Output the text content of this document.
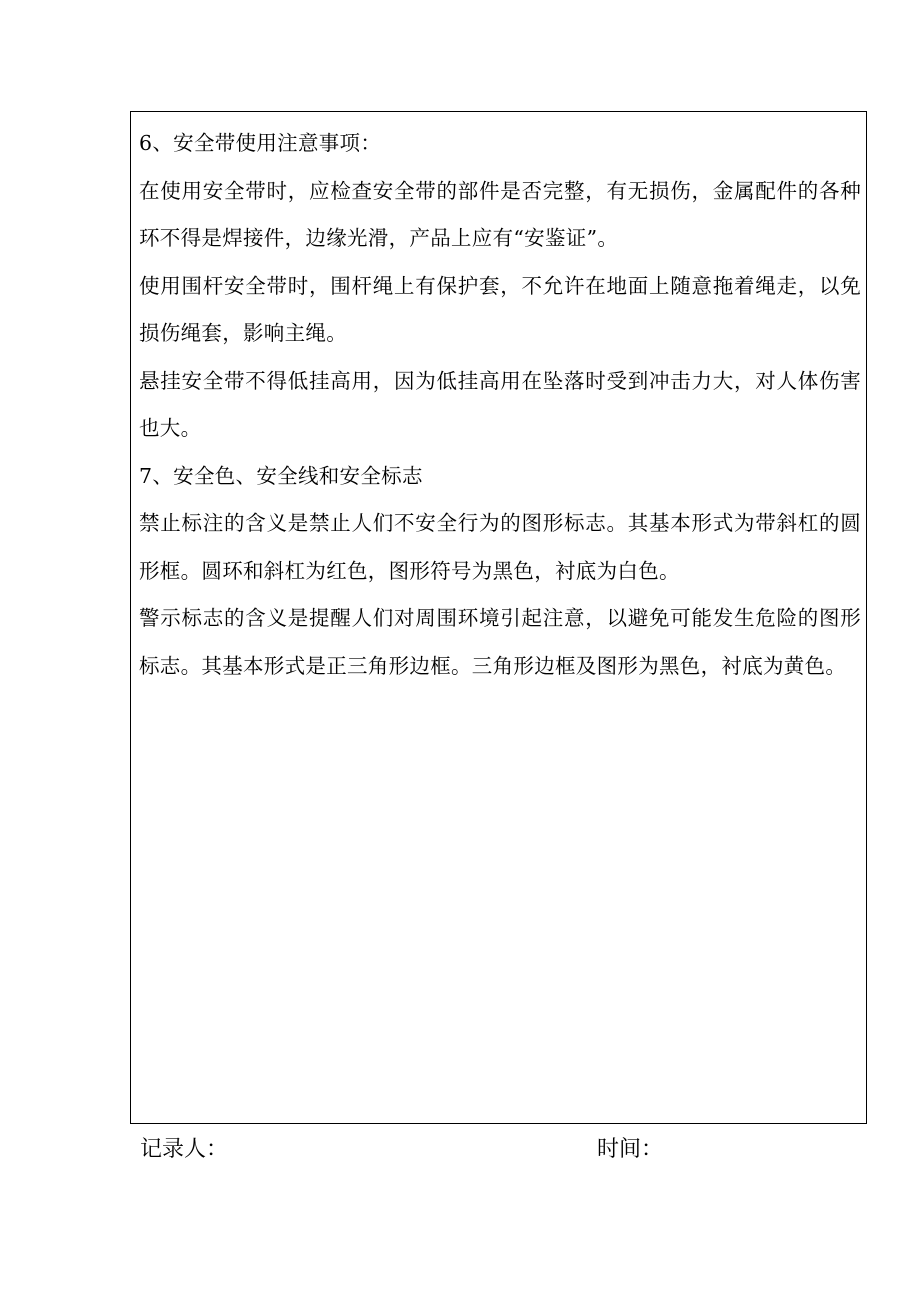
6、安全带使用注意事项：

在使用安全带时，应检查安全带的部件是否完整，有无损伤，金属配件的各种环不得是焊接件，边缘光滑，产品上应有“安鉴证”。

使用围杆安全带时，围杆绳上有保护套，不允许在地面上随意拖着绳走，以免损伤绳套，影响主绳。

悬挂安全带不得低挂高用，因为低挂高用在坠落时受到冲击力大，对人体伤害也大。

7、安全色、安全线和安全标志

禁止标注的含义是禁止人们不安全行为的图形标志。其基本形式为带斜杠的圆形框。圆环和斜杠为红色，图形符号为黑色，衬底为白色。

警示标志的含义是提醒人们对周围环境引起注意，以避免可能发生危险的图形标志。其基本形式是正三角形边框。三角形边框及图形为黑色，衬底为黄色。

记录人：	时间：
